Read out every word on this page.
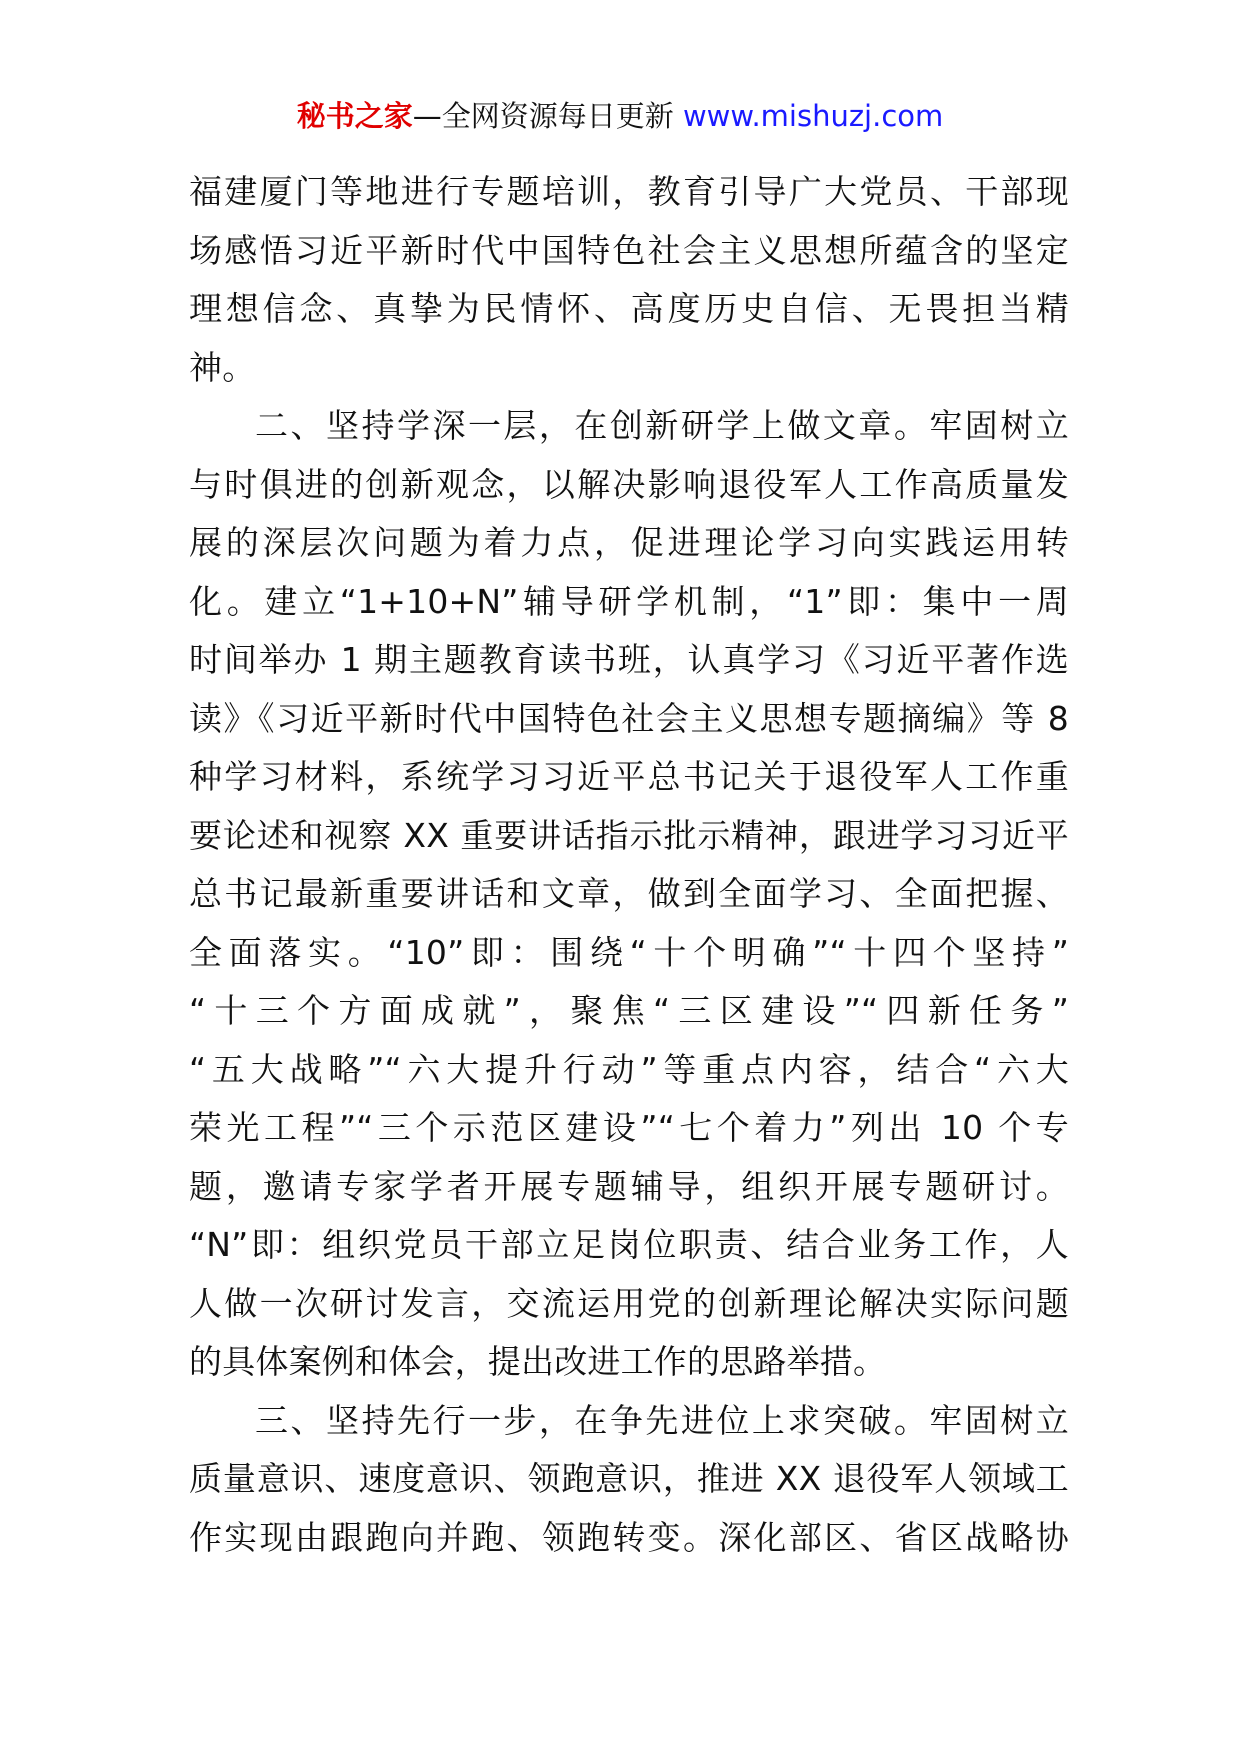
秘书之家—全网资源每日更新 www.mishuzj.com
福建厦门等地进行专题培训，教育引导广大党员、干部现
场感悟习近平新时代中国特色社会主义思想所蕴含的坚定
理想信念、真挚为民情怀、高度历史自信、无畏担当精
神。
二、坚持学深一层，在创新研学上做文章。牢固树立
与时俱进的创新观念，以解决影响退役军人工作高质量发
展的深层次问题为着力点，促进理论学习向实践运用转
化。建立“1+10+N”辅导研学机制，“1”即：集中一周
时间举办 1 期主题教育读书班，认真学习《习近平著作选
读》《习近平新时代中国特色社会主义思想专题摘编》等 8
种学习材料，系统学习习近平总书记关于退役军人工作重
要论述和视察 XX 重要讲话指示批示精神，跟进学习习近平
总书记最新重要讲话和文章，做到全面学习、全面把握、
全面落实。“10”即：围绕“十个明确”“十四个坚持”
“十三个方面成就”，聚焦“三区建设”“四新任务”
“五大战略”“六大提升行动”等重点内容，结合“六大
荣光工程”“三个示范区建设”“七个着力”列出 10 个专
题，邀请专家学者开展专题辅导，组织开展专题研讨。
“N”即：组织党员干部立足岗位职责、结合业务工作，人
人做一次研讨发言，交流运用党的创新理论解决实际问题
的具体案例和体会，提出改进工作的思路举措。
三、坚持先行一步，在争先进位上求突破。牢固树立
质量意识、速度意识、领跑意识，推进 XX 退役军人领域工
作实现由跟跑向并跑、领跑转变。深化部区、省区战略协
